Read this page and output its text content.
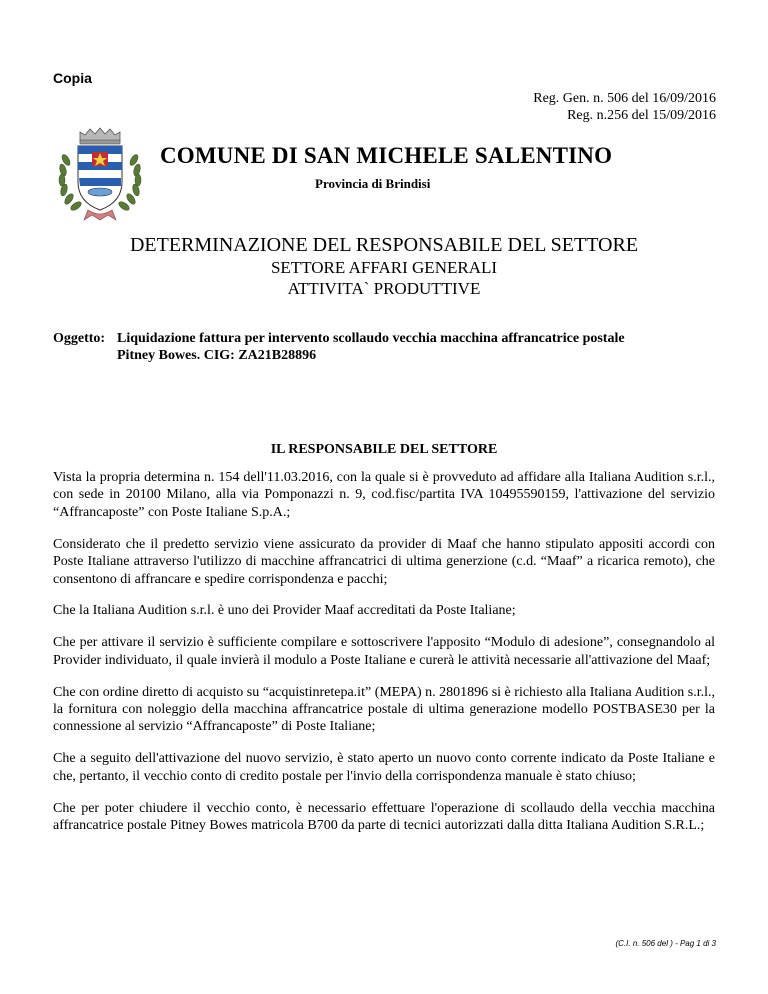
Copia
Reg. Gen. n. 506 del 16/09/2016
Reg. n.256 del 15/09/2016
COMUNE DI SAN MICHELE SALENTINO
Provincia di Brindisi
DETERMINAZIONE DEL RESPONSABILE DEL SETTORE
SETTORE AFFARI GENERALI
ATTIVITA` PRODUTTIVE
Oggetto: Liquidazione fattura per intervento scollaudo vecchia macchina affrancatrice postale
Pitney Bowes. CIG: ZA21B28896
IL RESPONSABILE DEL SETTORE

Vista la propria determina n. 154 dell'11.03.2016, con la quale si è provveduto ad affidare alla Italiana Audition s.r.l., con sede in 20100 Milano, alla via Pomponazzi n. 9, cod.fisc/partita IVA 10495590159, l'attivazione del servizio “Affrancaposte” con Poste Italiane S.p.A.;

Considerato che il predetto servizio viene assicurato da provider di Maaf che hanno stipulato appositi accordi con Poste Italiane attraverso l'utilizzo di macchine affrancatrici di ultima generzione (c.d. “Maaf” a ricarica remoto), che consentono di affrancare e spedire corrispondenza e pacchi;

Che la Italiana Audition s.r.l. è uno dei Provider Maaf accreditati da Poste Italiane;

Che per attivare il servizio è sufficiente compilare e sottoscrivere l'apposito “Modulo di adesione”, consegnandolo al Provider individuato, il quale invierà il modulo a Poste Italiane e curerà le attività necessarie all'attivazione del Maaf;

Che con ordine diretto di acquisto su “acquistinretepa.it” (MEPA) n. 2801896 si è richiesto alla Italiana Audition s.r.l., la fornitura con noleggio della macchina affrancatrice postale di ultima generazione modello POSTBASE30 per la connessione al servizio “Affrancaposte” di Poste Italiane;

Che a seguito dell'attivazione del nuovo servizio, è stato aperto un nuovo conto corrente indicato da Poste Italiane e che, pertanto, il vecchio conto di credito postale per l'invio della corrispondenza manuale è stato chiuso;

Che per poter chiudere il vecchio conto, è necessario effettuare l'operazione di scollaudo della vecchia macchina affrancatrice postale Pitney Bowes matricola B700 da parte di tecnici autorizzati dalla ditta Italiana Audition S.R.L.;

(C.I. n. 506 del ) - Pag 1 di 3
